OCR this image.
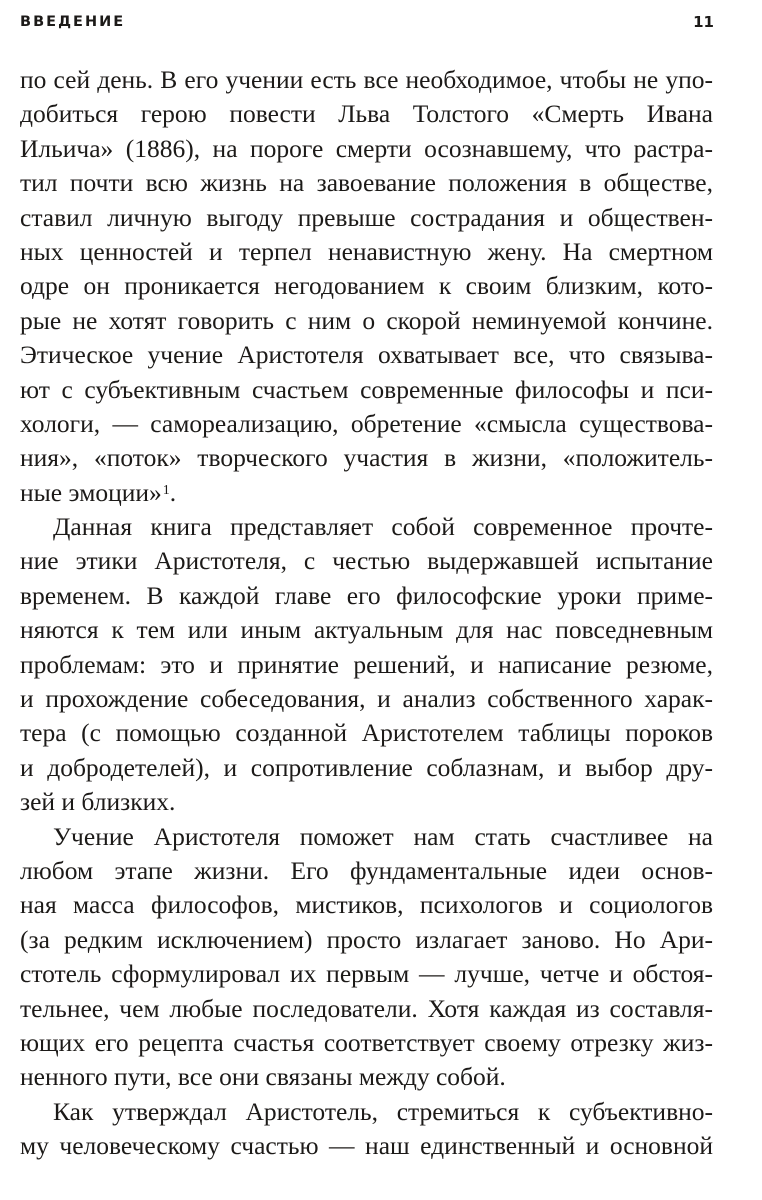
ВВЕДЕНИЕ	11

по сей день. В его учении есть все необходимое, чтобы не упо-
добиться герою повести Льва Толстого «Смерть Ивана
Ильича» (1886), на пороге смерти осознавшему, что растра-
тил почти всю жизнь на завоевание положения в обществе,
ставил личную выгоду превыше сострадания и обществен-
ных ценностей и терпел ненавистную жену. На смертном
одре он проникается негодованием к своим близким, кото-
рые не хотят говорить с ним о скорой неминуемой кончине.
Этическое учение Аристотеля охватывает все, что связыва-
ют с субъективным счастьем современные философы и пси-
хологи, — самореализацию, обретение «смысла существова-
ния», «поток» творческого участия в жизни, «положитель-
ные эмоции»$^1$.

Данная книга представляет собой современное прочте-
ние этики Аристотеля, с честью выдержавшей испытание
временем. В каждой главе его философские уроки приме-
няются к тем или иным актуальным для нас повседневным
проблемам: это и принятие решений, и написание резюме,
и прохождение собеседования, и анализ собственного харак-
тера (с помощью созданной Аристотелем таблицы пороков
и добродетелей), и сопротивление соблазнам, и выбор дру-
зей и близких.

Учение Аристотеля поможет нам стать счастливее на
любом этапе жизни. Его фундаментальные идеи основ-
ная масса философов, мистиков, психологов и социологов
(за редким исключением) просто излагает заново. Но Ари-
стотель сформулировал их первым — лучше, четче и обстоя-
тельнее, чем любые последователи. Хотя каждая из составля-
ющих его рецепта счастья соответствует своему отрезку жиз-
ненного пути, все они связаны между собой.

Как утверждал Аристотель, стремиться к субъективно-
му человеческому счастью — наш единственный и основной
